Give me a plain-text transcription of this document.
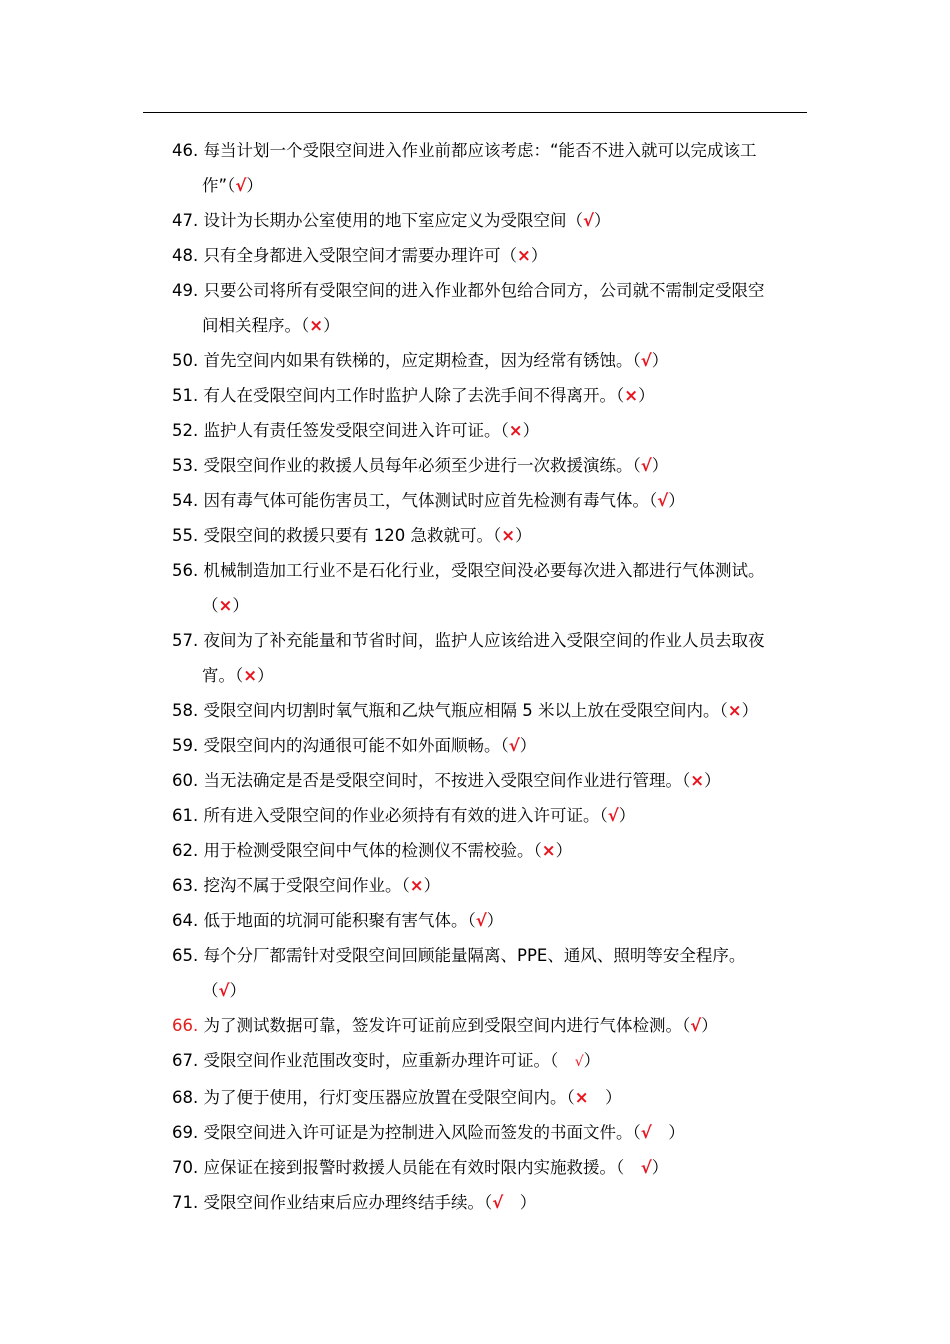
46. 每当计划一个受限空间进入作业前都应该考虑：“能否不进入就可以完成该工
作”（√）
47. 设计为长期办公室使用的地下室应定义为受限空间（√）
48. 只有全身都进入受限空间才需要办理许可（×）
49. 只要公司将所有受限空间的进入作业都外包给合同方，公司就不需制定受限空
间相关程序。（×）
50. 首先空间内如果有铁梯的，应定期检查，因为经常有锈蚀。（√）
51. 有人在受限空间内工作时监护人除了去洗手间不得离开。（×）
52. 监护人有责任签发受限空间进入许可证。（×）
53. 受限空间作业的救援人员每年必须至少进行一次救援演练。（√）
54. 因有毒气体可能伤害员工，气体测试时应首先检测有毒气体。（√）
55. 受限空间的救援只要有 120 急救就可。（×）
56. 机械制造加工行业不是石化行业，受限空间没必要每次进入都进行气体测试。
（×）
57. 夜间为了补充能量和节省时间，监护人应该给进入受限空间的作业人员去取夜
宵。（×）
58. 受限空间内切割时氧气瓶和乙炔气瓶应相隔 5 米以上放在受限空间内。（×）
59. 受限空间内的沟通很可能不如外面顺畅。（√）
60. 当无法确定是否是受限空间时，不按进入受限空间作业进行管理。（×）
61. 所有进入受限空间的作业必须持有有效的进入许可证。（√）
62. 用于检测受限空间中气体的检测仪不需校验。（×）
63. 挖沟不属于受限空间作业。（×）
64. 低于地面的坑洞可能积聚有害气体。（√）
65. 每个分厂都需针对受限空间回顾能量隔离、PPE、通风、照明等安全程序。
（√）
66. 为了测试数据可靠，签发许可证前应到受限空间内进行气体检测。（√）
67. 受限空间作业范围改变时，应重新办理许可证。（　√）
68. 为了便于使用，行灯变压器应放置在受限空间内。（×　）
69. 受限空间进入许可证是为控制进入风险而签发的书面文件。（√　）
70. 应保证在接到报警时救援人员能在有效时限内实施救援。（　√）
71. 受限空间作业结束后应办理终结手续。（√　）
